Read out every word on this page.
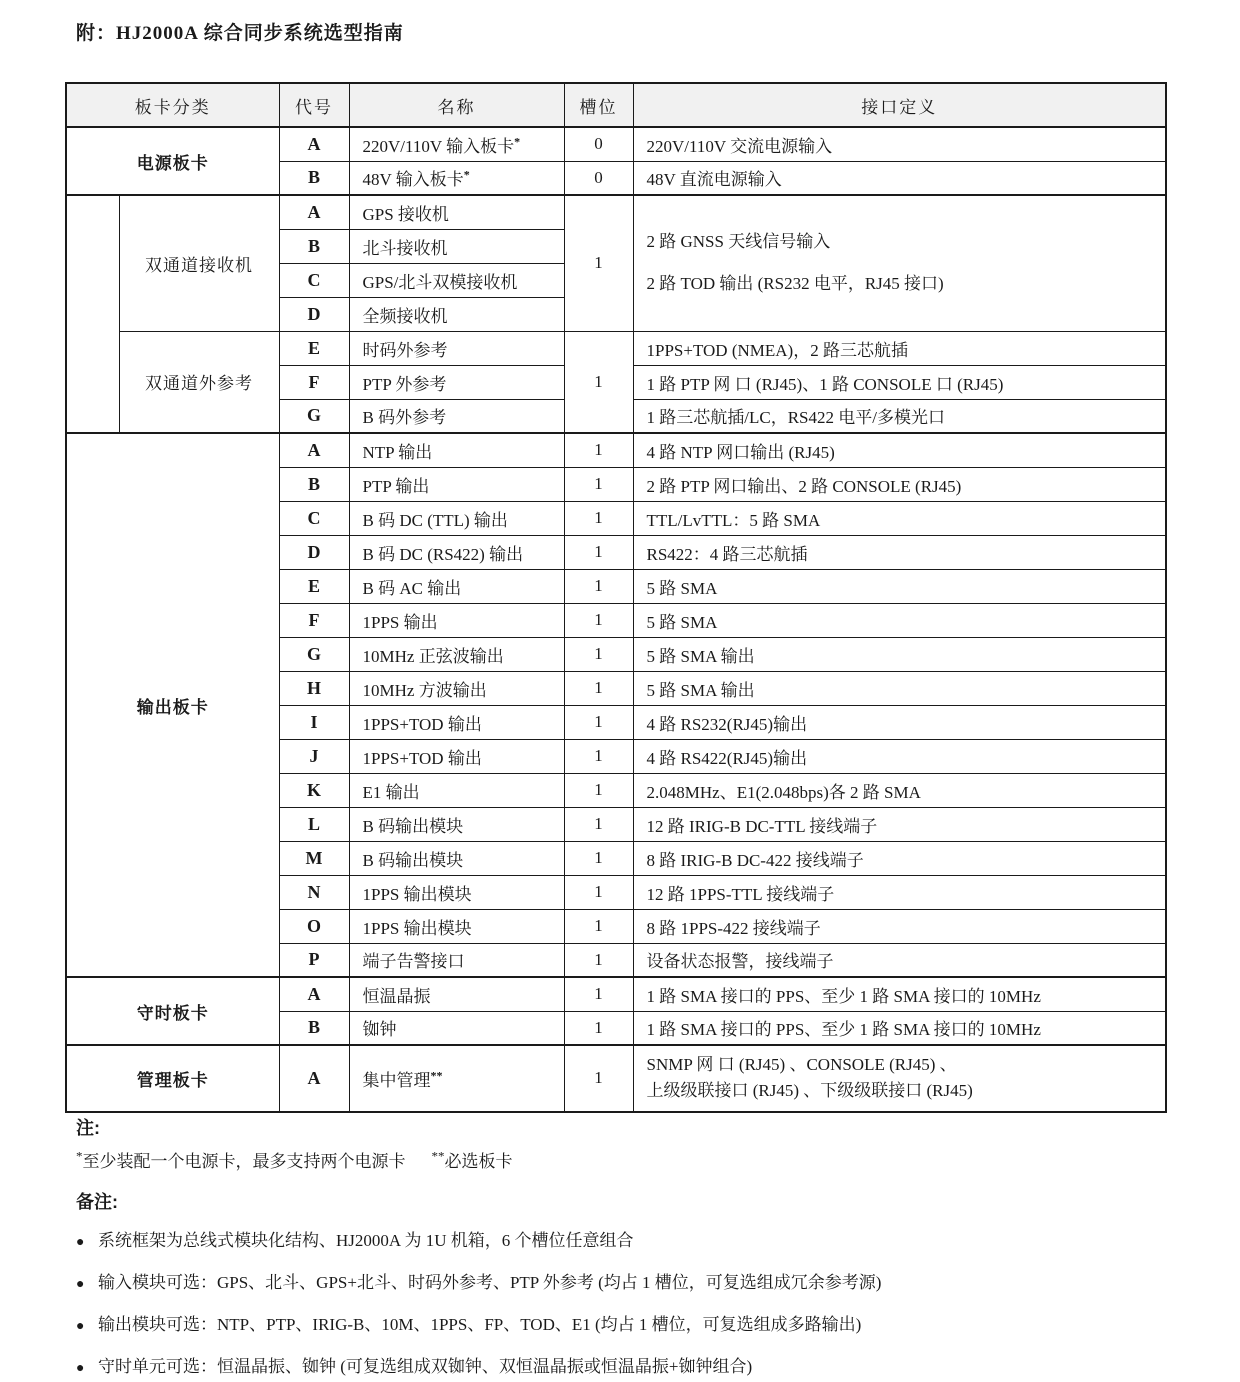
附：HJ2000A 综合同步系统选型指南
板卡分类		代号	名称	槽位	接口定义
电源板卡		A	220V/110V 输入板卡*	0	220V/110V 交流电源输入
		B	48V 输入板卡*	0	48V 直流电源输入
	双通道接收机	A	GPS 接收机	1	2 路 GNSS 天线信号输入
2 路 TOD 输出 (RS232 电平，RJ45 接口)

		B	北斗接收机		
		C	GPS/北斗双模接收机		
		D	全频接收机		
	双通道外参考	E	时码外参考	1	1PPS+TOD (NMEA)，2 路三芯航插
		F	PTP 外参考		1 路 PTP 网 口 (RJ45)、1 路 CONSOLE 口 (RJ45)
		G	B 码外参考		1 路三芯航插/LC，RS422 电平/多模光口
输出板卡		A	NTP 输出	1	4 路 NTP 网口输出 (RJ45)
		B	PTP 输出	1	2 路 PTP 网口输出、2 路 CONSOLE (RJ45)
		C	B 码 DC (TTL) 输出	1	TTL/LvTTL：5 路 SMA
		D	B 码 DC (RS422) 输出	1	RS422：4 路三芯航插
		E	B 码 AC 输出	1	5 路 SMA
		F	1PPS 输出	1	5 路 SMA
		G	10MHz 正弦波输出	1	5 路 SMA 输出
		H	10MHz 方波输出	1	5 路 SMA 输出
		I	1PPS+TOD 输出	1	4 路 RS232(RJ45)输出
		J	1PPS+TOD 输出	1	4 路 RS422(RJ45)输出
		K	E1 输出	1	2.048MHz、E1(2.048bps)各 2 路 SMA
		L	B 码输出模块	1	12 路 IRIG-B DC-TTL 接线端子
		M	B 码输出模块	1	8 路 IRIG-B DC-422 接线端子
		N	1PPS 输出模块	1	12 路 1PPS-TTL 接线端子
		O	1PPS 输出模块	1	8 路 1PPS-422 接线端子
		P	端子告警接口	1	设备状态报警，接线端子
守时板卡		A	恒温晶振	1	1 路 SMA 接口的 PPS、至少 1 路 SMA 接口的 10MHz
		B	铷钟	1	1 路 SMA 接口的 PPS、至少 1 路 SMA 接口的 10MHz
管理板卡		A	集中管理**	1	SNMP 网 口 (RJ45) 、CONSOLE (RJ45) 、
上级级联接口 (RJ45) 、下级级联接口 (RJ45)
注:
*至少装配一个电源卡，最多支持两个电源卡 **必选板卡
备注:
● 系统框架为总线式模块化结构、HJ2000A 为 1U 机箱，6 个槽位任意组合
● 输入模块可选：GPS、北斗、GPS+北斗、时码外参考、PTP 外参考 (均占 1 槽位，可复选组成冗余参考源)
● 输出模块可选：NTP、PTP、IRIG-B、10M、1PPS、FP、TOD、E1 (均占 1 槽位，可复选组成多路输出)
● 守时单元可选：恒温晶振、铷钟 (可复选组成双铷钟、双恒温晶振或恒温晶振+铷钟组合)
